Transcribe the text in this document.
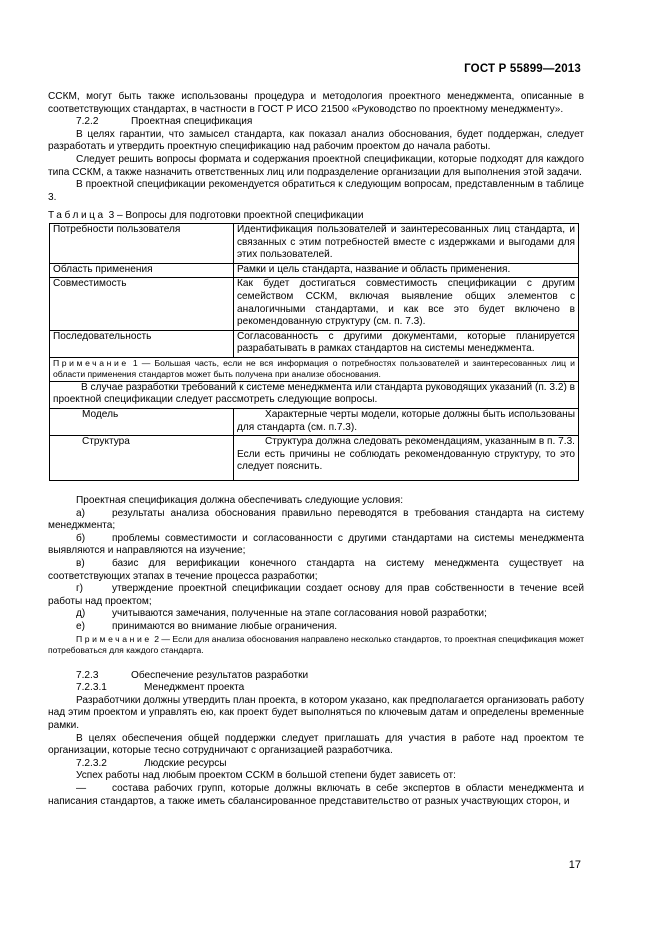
ГОСТ Р 55899—2013

ССКМ, могут быть также использованы процедура и методология проектного менеджмента, описанные в соответствующих стандартах, в частности в ГОСТ Р ИСО 21500 «Руководство по проектному менеджменту».

7.2.2	Проектная спецификация

В целях гарантии, что замысел стандарта, как показал анализ обоснования, будет поддержан, следует разработать и утвердить проектную спецификацию над рабочим проектом до начала работы.

Следует решить вопросы формата и содержания проектной спецификации, которые подходят для каждого типа ССКМ, а также назначить ответственных лиц или подразделение организации для выполнения этой задачи.

В проектной спецификации рекомендуется обратиться к следующим вопросам, представленным в таблице 3.

Таблица 3 – Вопросы для подготовки проектной спецификации

Потребности пользователя	Идентификация пользователей и заинтересованных лиц стандарта, и связанных с этим потребностей вместе с издержками и выгодами для этих пользователей.
Область применения	Рамки и цель стандарта, название и область применения.
Совместимость	Как будет достигаться совместимость спецификации с другим семейством ССКМ, включая выявление общих элементов с аналогичными стандартами, и как все это будет включено в рекомендованную структуру (см. п. 7.3).
Последовательность	Согласованность с другими документами, которые планируется разрабатывать в рамках стандартов на системы менеджмента.
Примечание 1 — Большая часть, если не вся информация о потребностях пользователей и заинтересованных лиц и области применения стандартов может быть получена при анализе обоснования.	
В случае разработки требований к системе менеджмента или стандарта руководящих указаний (п. 3.2) в проектной спецификации следует рассмотреть следующие вопросы.	
Модель	Характерные черты модели, которые должны быть использованы для стандарта (см. п.7.3).
Структура	Структура должна следовать рекомендациям, указанным в п. 7.3. Если есть причины не соблюдать рекомендованную структуру, то это следует пояснить.

Проектная спецификация должна обеспечивать следующие условия:

а)	результаты анализа обоснования правильно переводятся в требования стандарта на систему менеджмента;

б)	проблемы совместимости и согласованности с другими стандартами на системы менеджмента выявляются и направляются на изучение;

в)	базис для верификации конечного стандарта на систему менеджмента существует на соответствующих этапах в течение процесса разработки;

г)	утверждение проектной спецификации создает основу для прав собственности в течение всей работы над проектом;

д)	учитываются замечания, полученные на этапе согласования новой разработки;

е)	принимаются во внимание любые ограничения.

Примечание 2 — Если для анализа обоснования направлено несколько стандартов, то проектная спецификация может потребоваться для каждого стандарта.

7.2.3	Обеспечение результатов разработки

7.2.3.1	Менеджмент проекта

Разработчики должны утвердить план проекта, в котором указано, как предполагается организовать работу над этим проектом и управлять ею, как проект будет выполняться по ключевым датам и определены временные рамки.

В целях обеспечения общей поддержки следует приглашать для участия в работе над проектом те организации, которые тесно сотрудничают с организацией разработчика.

7.2.3.2	Людские ресурсы

Успех работы над любым проектом ССКМ в большой степени будет зависеть от:

—	состава рабочих групп, которые должны включать в себе экспертов в области менеджмента и написания стандартов, а также иметь сбалансированное представительство от разных участвующих сторон, и

17
